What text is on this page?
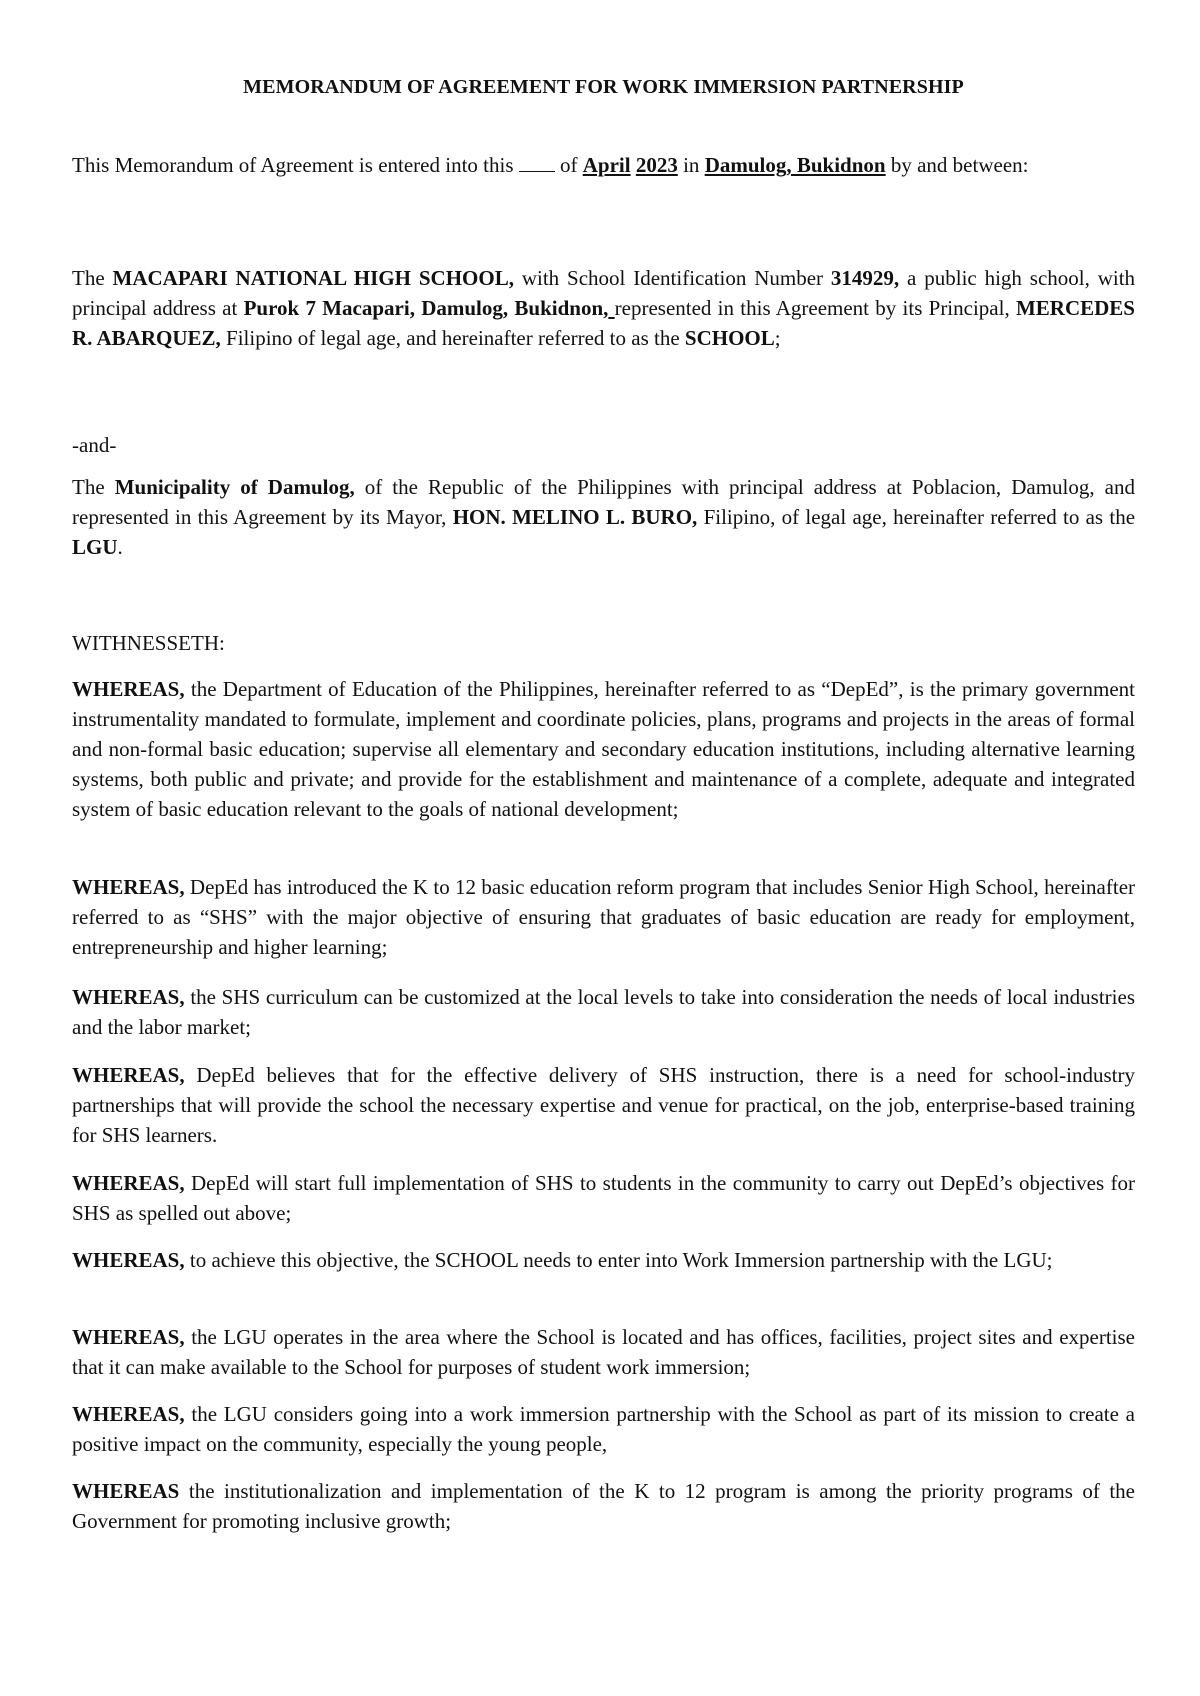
MEMORANDUM OF AGREEMENT FOR WORK IMMERSION PARTNERSHIP

This Memorandum of Agreement is entered into this of April 2023 in Damulog, Bukidnon by and between:

The MACAPARI NATIONAL HIGH SCHOOL, with School Identification Number 314929, a public high school, with principal address at Purok 7 Macapari, Damulog, Bukidnon, represented in this Agreement by its Principal, MERCEDES R. ABARQUEZ, Filipino of legal age, and hereinafter referred to as the SCHOOL;

-and-

The Municipality of Damulog, of the Republic of the Philippines with principal address at Poblacion, Damulog, and represented in this Agreement by its Mayor, HON. MELINO L. BURO, Filipino, of legal age, hereinafter referred to as the LGU.

WITHNESSETH:

WHEREAS, the Department of Education of the Philippines, hereinafter referred to as “DepEd”, is the primary government instrumentality mandated to formulate, implement and coordinate policies, plans, programs and projects in the areas of formal and non-formal basic education; supervise all elementary and secondary education institutions, including alternative learning systems, both public and private; and provide for the establishment and maintenance of a complete, adequate and integrated system of basic education relevant to the goals of national development;

WHEREAS, DepEd has introduced the K to 12 basic education reform program that includes Senior High School, hereinafter referred to as “SHS” with the major objective of ensuring that graduates of basic education are ready for employment, entrepreneurship and higher learning;

WHEREAS, the SHS curriculum can be customized at the local levels to take into consideration the needs of local industries and the labor market;

WHEREAS, DepEd believes that for the effective delivery of SHS instruction, there is a need for school-industry partnerships that will provide the school the necessary expertise and venue for practical, on the job, enterprise-based training for SHS learners.

WHEREAS, DepEd will start full implementation of SHS to students in the community to carry out DepEd’s objectives for SHS as spelled out above;

WHEREAS, to achieve this objective, the SCHOOL needs to enter into Work Immersion partnership with the LGU;

WHEREAS, the LGU operates in the area where the School is located and has offices, facilities, project sites and expertise that it can make available to the School for purposes of student work immersion;

WHEREAS, the LGU considers going into a work immersion partnership with the School as part of its mission to create a positive impact on the community, especially the young people,

WHEREAS the institutionalization and implementation of the K to 12 program is among the priority programs of the Government for promoting inclusive growth;
